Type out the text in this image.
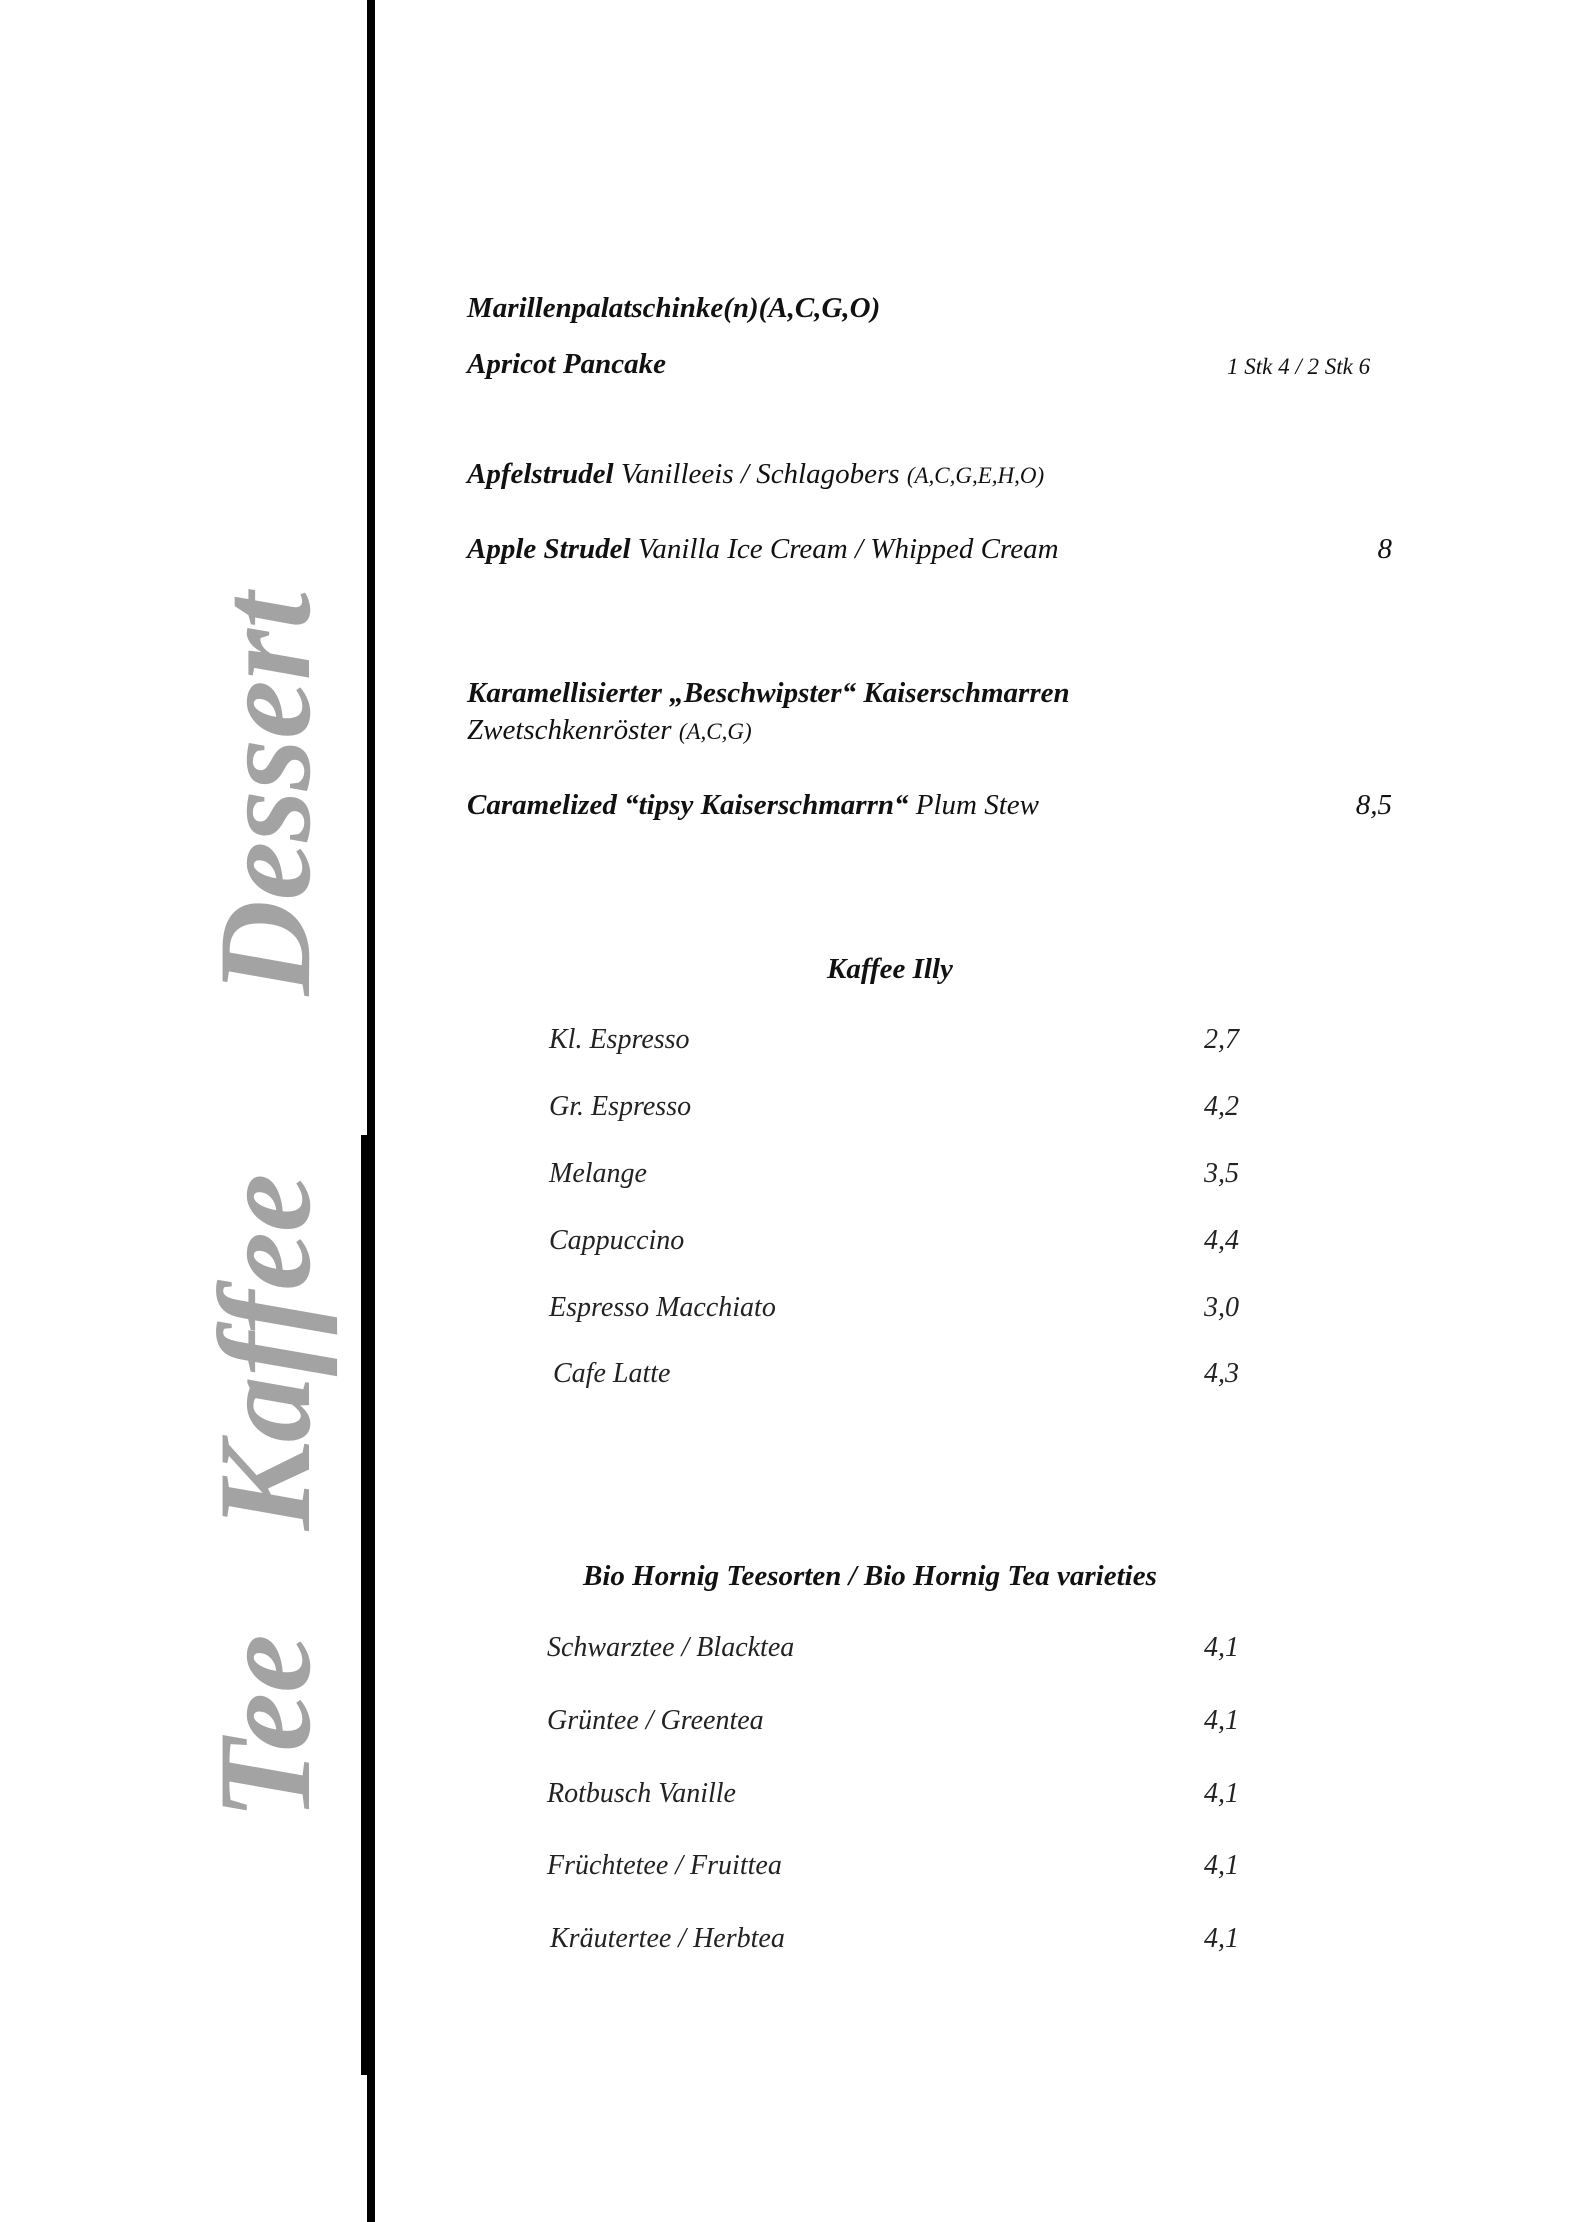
TeeKaffeeDessert
Marillenpalatschinke(n)(A,C,G,O)
Apricot Pancake	1 Stk 4 / 2 Stk 6
Apfelstrudel Vanilleeis / Schlagobers (A,C,G,E,H,O)
Apple Strudel Vanilla Ice Cream / Whipped Cream	8
Karamellisierter „Beschwipster“ Kaiserschmarren
Zwetschkenröster (A,C,G)
Caramelized “tipsy Kaiserschmarrn“ Plum Stew	8,5
Kaffee Illy
Kl. Espresso	2,7
Gr. Espresso	4,2
Melange	3,5
Cappuccino	4,4
Espresso Macchiato	3,0
Cafe Latte	4,3
Bio Hornig Teesorten / Bio Hornig Tea varieties
Schwarztee / Blacktea	4,1
Grüntee / Greentea	4,1
Rotbusch Vanille	4,1
Früchtetee / Fruittea	4,1
Kräutertee / Herbtea	4,1
